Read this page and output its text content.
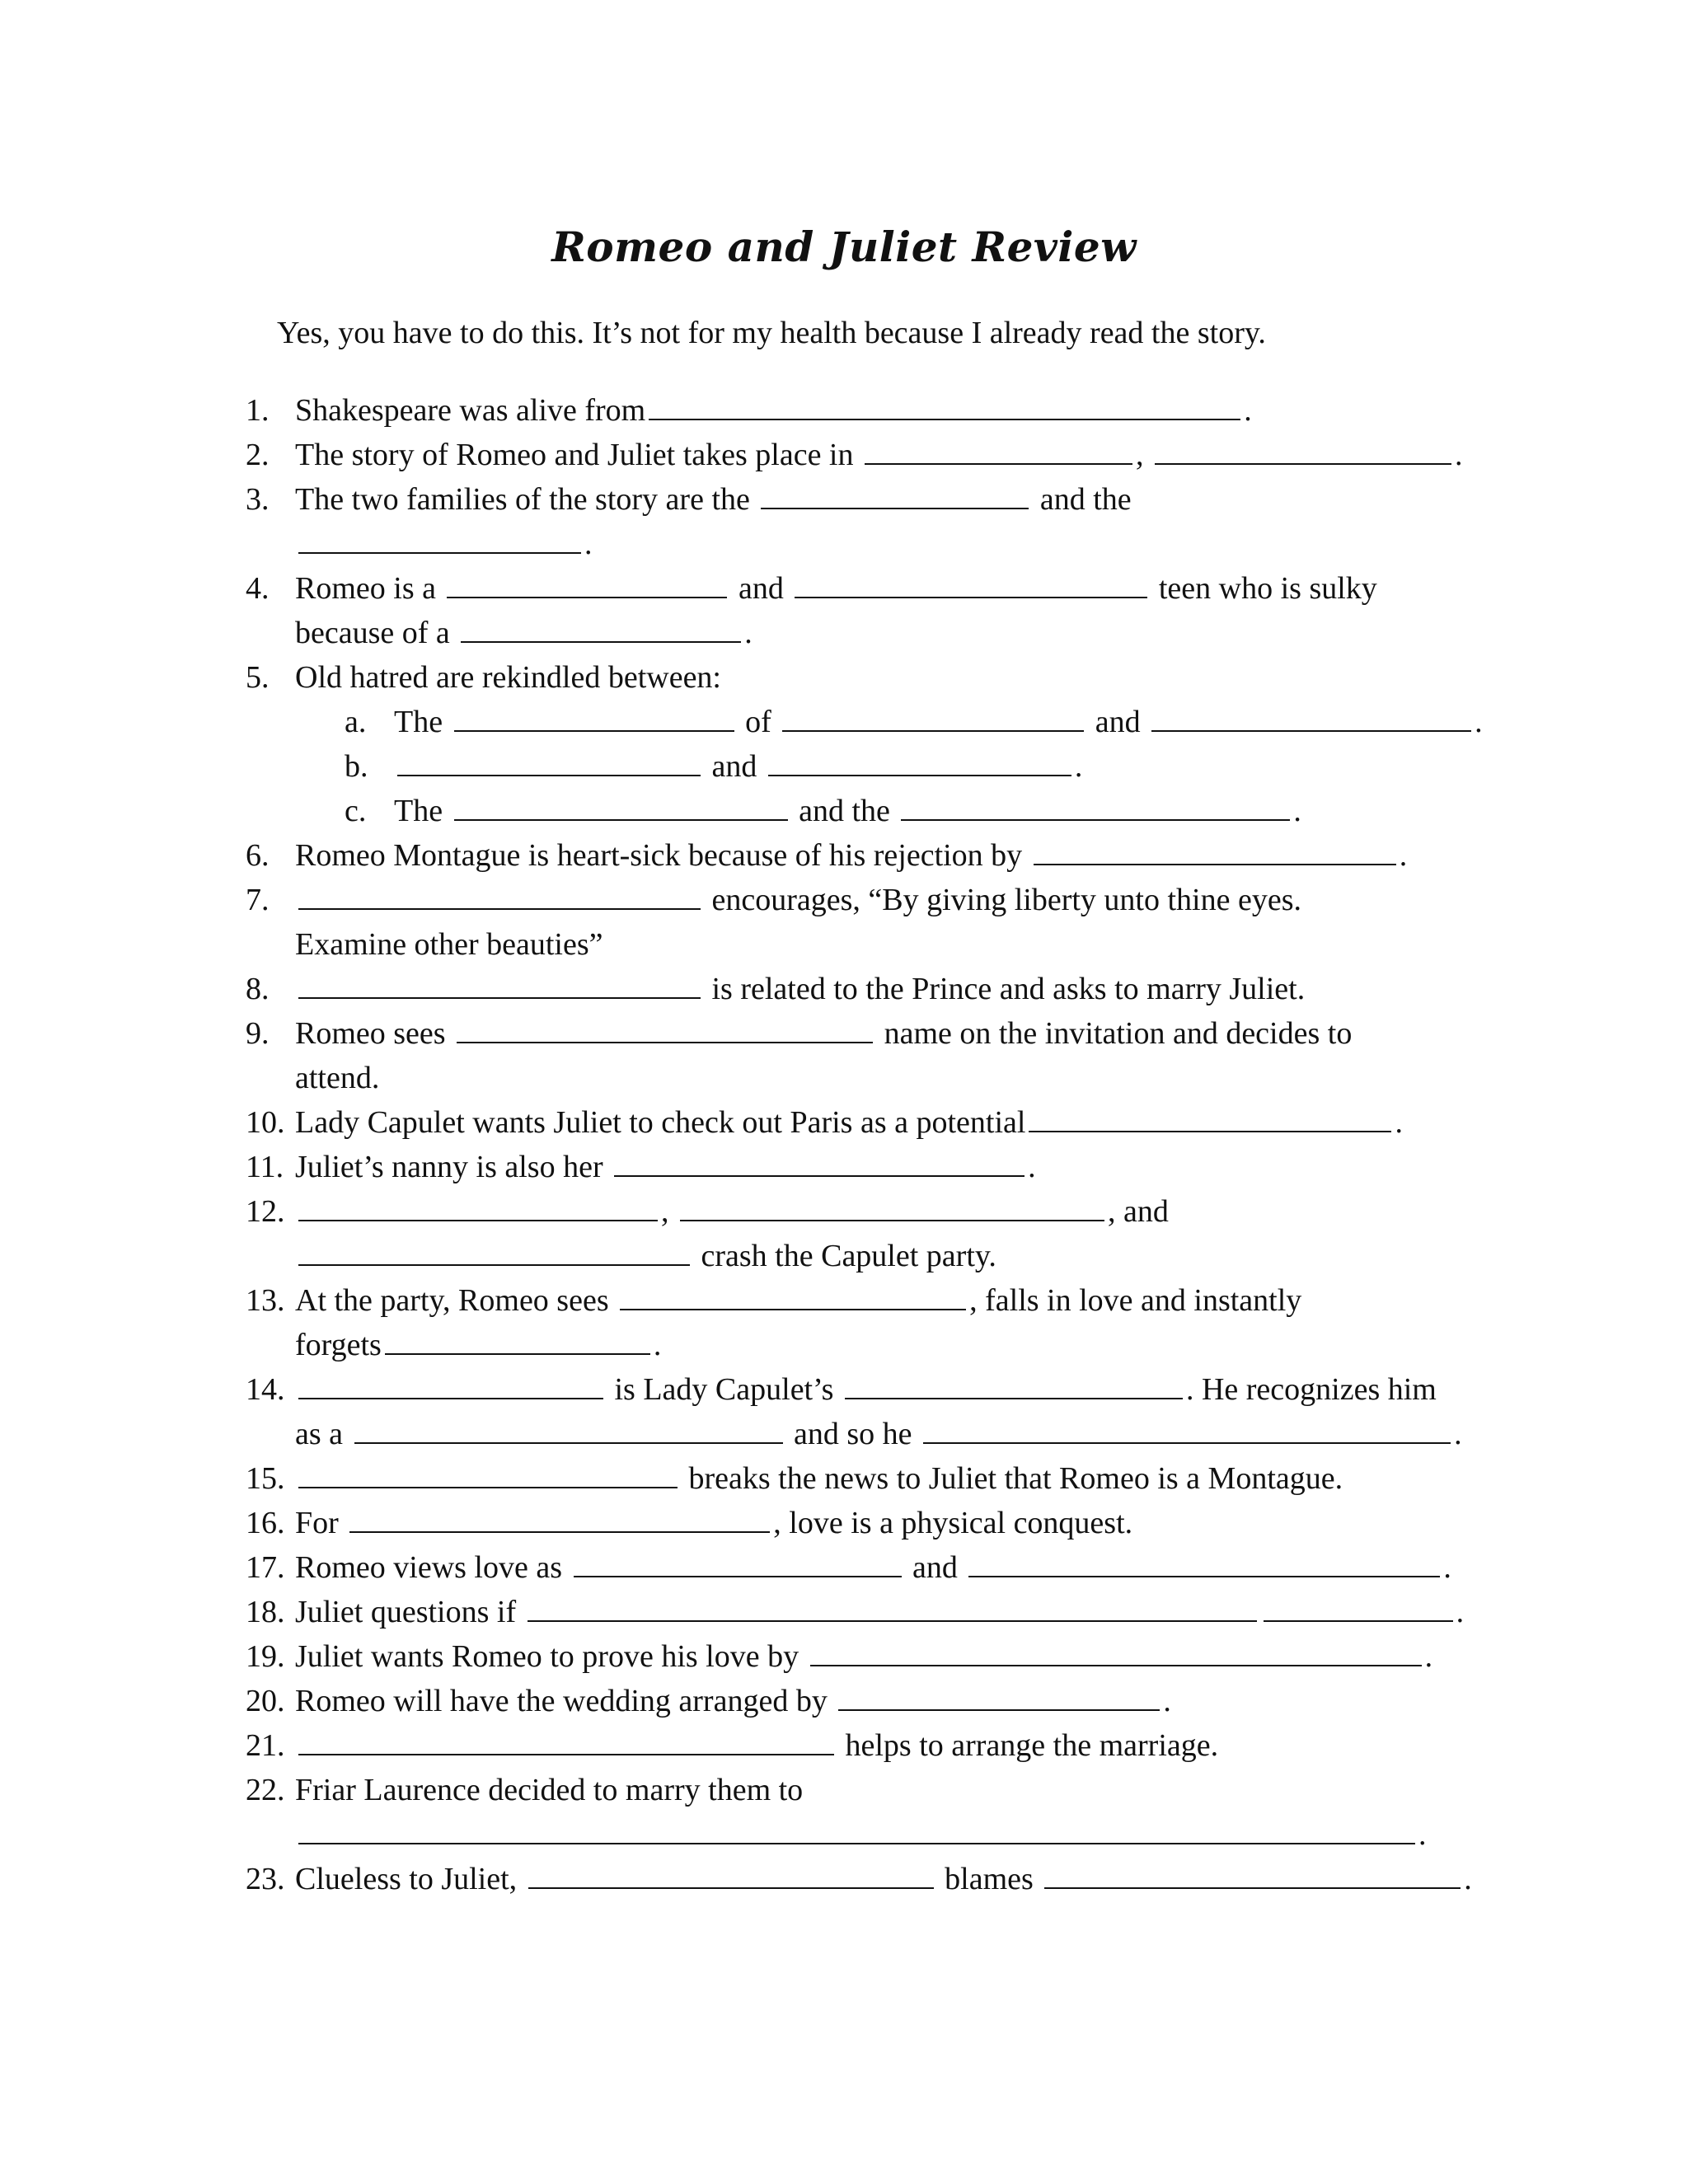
Romeo and Juliet Review
Yes, you have to do this. It’s not for my health because I already read the story.
1. Shakespeare was alive from	.
2. The story of Romeo and Juliet takes place in	,	.
3. The two families of the story are the	and the
.
4. Romeo is a	and	teen who is sulky
because of a	.
5. Old hatred are rekindled between:
a. The	of	and	.
b.	and	.
c. The	and the	.
6. Romeo Montague is heart-sick because of his rejection by	.
7.	encourages, “By giving liberty unto thine eyes.
Examine other beauties”
8.	is related to the Prince and asks to marry Juliet.
9. Romeo sees	name on the invitation and decides to
attend.
10. Lady Capulet wants Juliet to check out Paris as a potential	.
11. Juliet’s nanny is also her	.
12.	,	, and
crash the Capulet party.
13. At the party, Romeo sees	, falls in love and instantly
forgets	.
14.	is Lady Capulet’s	. He recognizes him
as a	and so he	.
15.	breaks the news to Juliet that Romeo is a Montague.
16. For	, love is a physical conquest.
17. Romeo views love as	and	.
18. Juliet questions if	.
19. Juliet wants Romeo to prove his love by	.
20. Romeo will have the wedding arranged by	.
21.	helps to arrange the marriage.
22. Friar Laurence decided to marry them to
.
23. Clueless to Juliet,	blames	.
